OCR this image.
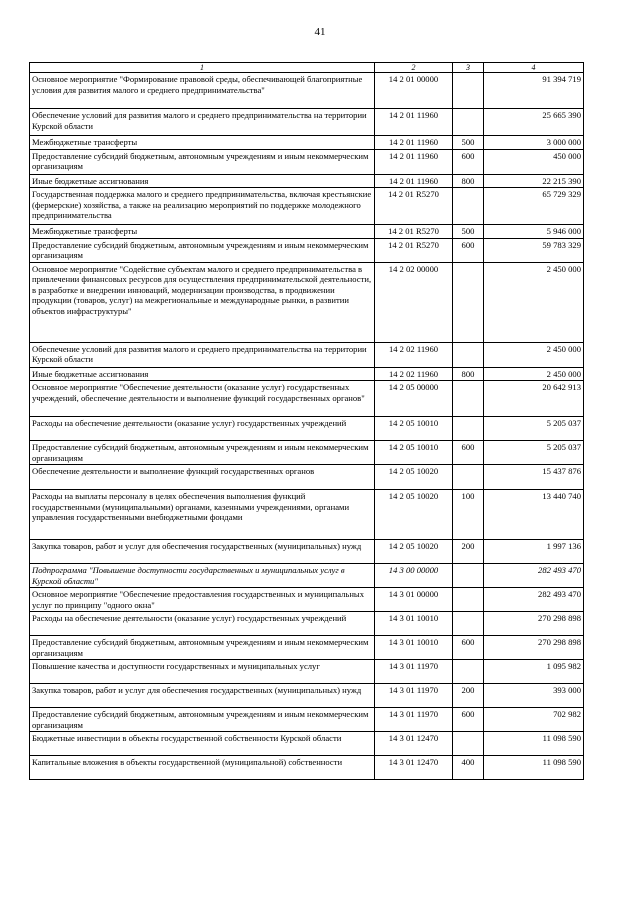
41
1	2	3	4
Основное мероприятие "Формирование правовой среды, обеспечивающей благоприятные условия для развития малого и среднего предпринимательства"	14 2 01 00000		91 394 719
Обеспечение условий для развития малого и среднего предпринимательства на территории Курской области	14 2 01 11960		25 665 390
Межбюджетные трансферты	14 2 01 11960	500	3 000 000
Предоставление субсидий бюджетным, автономным учреждениям и иным некоммерческим организациям	14 2 01 11960	600	450 000
Иные бюджетные ассигнования	14 2 01 11960	800	22 215 390
Государственная поддержка малого и среднего предпринимательства, включая крестьянские (фермерские) хозяйства, а также на реализацию мероприятий по поддержке молодежного предпринимательства	14 2 01 R5270		65 729 329
Межбюджетные трансферты	14 2 01 R5270	500	5 946 000
Предоставление субсидий бюджетным, автономным учреждениям и иным некоммерческим организациям	14 2 01 R5270	600	59 783 329
Основное мероприятие "Содействие субъектам малого и среднего предпринимательства в привлечении финансовых ресурсов для осуществления предпринимательской деятельности, в разработке и внедрении инноваций, модернизации производства, в продвижении продукции (товаров, услуг) на межрегиональные и международные рынки, в развитии объектов инфраструктуры"	14 2 02 00000		2 450 000
Обеспечение условий для развития малого и среднего предпринимательства на территории Курской области	14 2 02 11960		2 450 000
Иные бюджетные ассигнования	14 2 02 11960	800	2 450 000
Основное мероприятие "Обеспечение деятельности (оказание услуг) государственных учреждений, обеспечение деятельности и выполнение функций государственных органов"	14 2 05 00000		20 642 913
Расходы на обеспечение деятельности (оказание услуг) государственных учреждений	14 2 05 10010		5 205 037
Предоставление субсидий бюджетным, автономным учреждениям и иным некоммерческим организациям	14 2 05 10010	600	5 205 037
Обеспечение деятельности и выполнение функций государственных органов	14 2 05 10020		15 437 876
Расходы на выплаты персоналу в целях обеспечения выполнения функций государственными (муниципальными) органами, казенными учреждениями, органами управления государственными внебюджетными фондами	14 2 05 10020	100	13 440 740
Закупка товаров, работ и услуг для обеспечения государственных (муниципальных) нужд	14 2 05 10020	200	1 997 136
Подпрограмма "Повышение доступности государственных и муниципальных услуг в Курской области"	14 3 00 00000		282 493 470
Основное мероприятие "Обеспечение предоставления государственных и муниципальных услуг по принципу "одного окна"	14 3 01 00000		282 493 470
Расходы на обеспечение деятельности (оказание услуг) государственных учреждений	14 3 01 10010		270 298 898
Предоставление субсидий бюджетным, автономным учреждениям и иным некоммерческим организациям	14 3 01 10010	600	270 298 898
Повышение качества и доступности государственных и муниципальных услуг	14 3 01 11970		1 095 982
Закупка товаров, работ и услуг для обеспечения государственных (муниципальных) нужд	14 3 01 11970	200	393 000
Предоставление субсидий бюджетным, автономным учреждениям и иным некоммерческим организациям	14 3 01 11970	600	702 982
Бюджетные инвестиции в объекты государственной собственности Курской области	14 3 01 12470		11 098 590
Капитальные вложения в объекты государственной (муниципальной) собственности	14 3 01 12470	400	11 098 590
